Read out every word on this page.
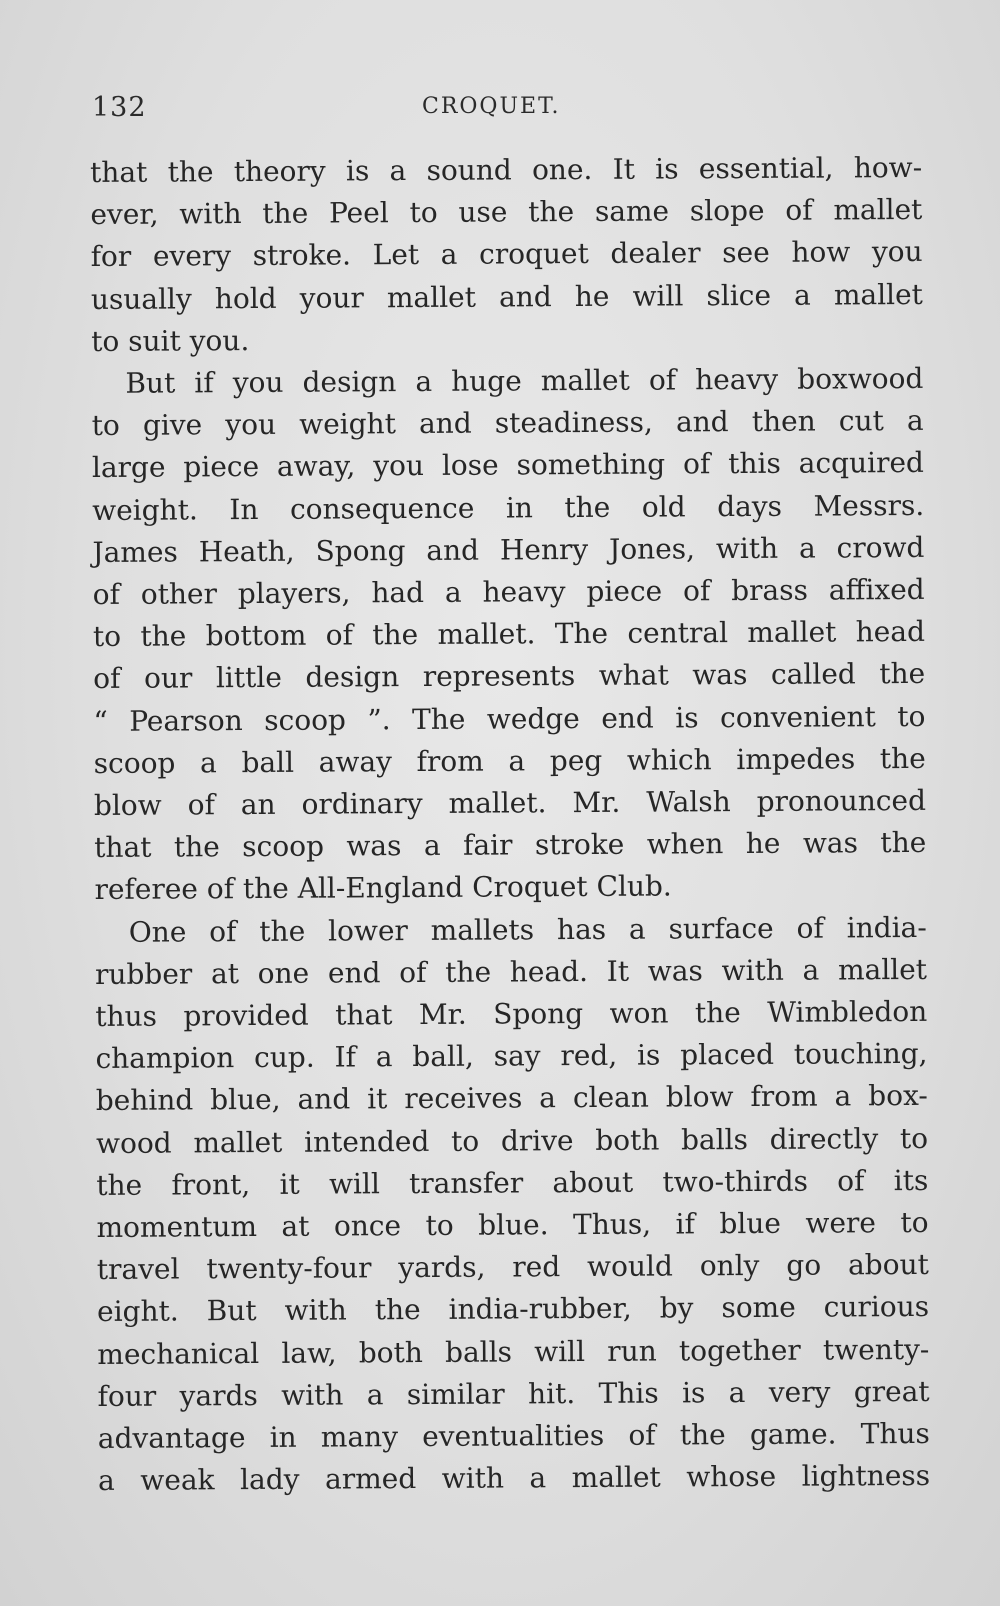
132	CROQUET.
that the theory is a sound one. It is essential, how-
ever, with the Peel to use the same slope of mallet
for every stroke. Let a croquet dealer see how you
usually hold your mallet and he will slice a mallet
to suit you.
But if you design a huge mallet of heavy boxwood
to give you weight and steadiness, and then cut a
large piece away, you lose something of this acquired
weight. In consequence in the old days Messrs.
James Heath, Spong and Henry Jones, with a crowd
of other players, had a heavy piece of brass affixed
to the bottom of the mallet. The central mallet head
of our little design represents what was called the
“ Pearson scoop ”. The wedge end is convenient to
scoop a ball away from a peg which impedes the
blow of an ordinary mallet. Mr. Walsh pronounced
that the scoop was a fair stroke when he was the
referee of the All-England Croquet Club.
One of the lower mallets has a surface of india-
rubber at one end of the head. It was with a mallet
thus provided that Mr. Spong won the Wimbledon
champion cup. If a ball, say red, is placed touching,
behind blue, and it receives a clean blow from a box-
wood mallet intended to drive both balls directly to
the front, it will transfer about two-thirds of its
momentum at once to blue. Thus, if blue were to
travel twenty-four yards, red would only go about
eight. But with the india-rubber, by some curious
mechanical law, both balls will run together twenty-
four yards with a similar hit. This is a very great
advantage in many eventualities of the game. Thus
a weak lady armed with a mallet whose lightness
